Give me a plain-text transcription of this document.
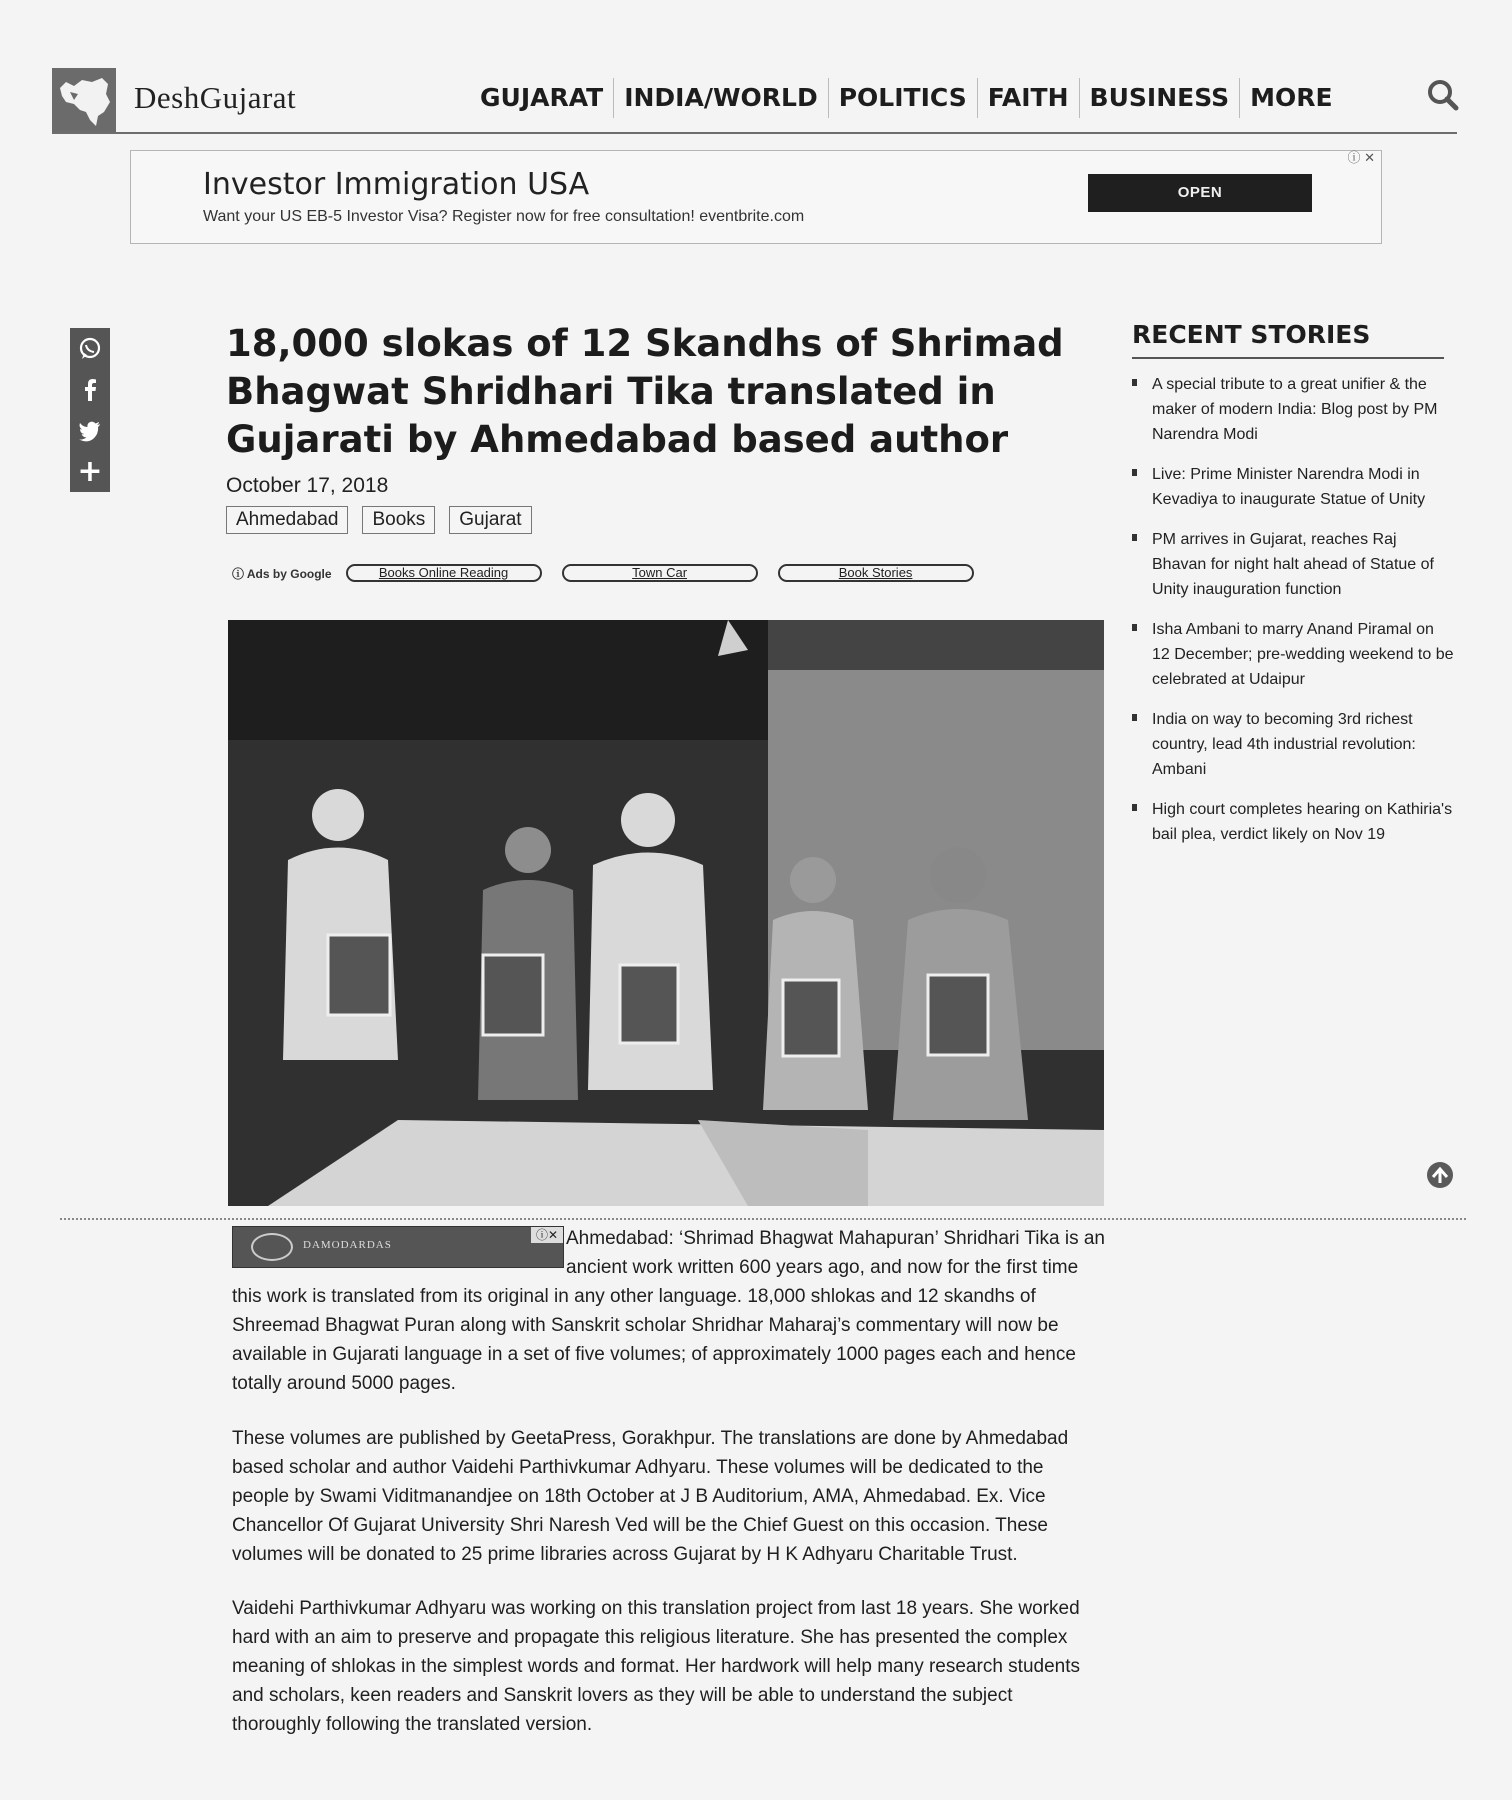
DeshGujarat	GUJARAT INDIA/WORLD POLITICS FAITH BUSINESS MORE
Investor Immigration USA
Want your US EB-5 Investor Visa? Register now for free consultation! eventbrite.com
OPEN
ⓘ ✕
+
18,000 slokas of 12 Skandhs of Shrimad Bhagwat Shridhari Tika translated in Gujarati by Ahmedabad based author
October 17, 2018
Ahmedabad	Books	Gujarat
ⓘ Ads by Google	Books Online Reading	Town Car	Book Stories
RECENT STORIES
A special tribute to a great unifier & the maker of modern India: Blog post by PM Narendra Modi
Live: Prime Minister Narendra Modi in Kevadiya to inaugurate Statue of Unity
PM arrives in Gujarat, reaches Raj Bhavan for night halt ahead of Statue of Unity inauguration function
Isha Ambani to marry Anand Piramal on 12 December; pre-wedding weekend to be celebrated at Udaipur
India on way to becoming 3rd richest country, lead 4th industrial revolution: Ambani
High court completes hearing on Kathiria's bail plea, verdict likely on Nov 19
DAMODARDAS
ⓘ✕ Ahmedabad: ‘Shrimad Bhagwat Mahapuran’ Shridhari Tika is an ancient work written 600 years ago, and now for the first time

this work is translated from its original in any other language. 18,000 shlokas and 12 skandhs of Shreemad Bhagwat Puran along with Sanskrit scholar Shridhar Maharaj’s commentary will now be available in Gujarati language in a set of five volumes; of approximately 1000 pages each and hence totally around 5000 pages.

These volumes are published by GeetaPress, Gorakhpur. The translations are done by Ahmedabad based scholar and author Vaidehi Parthivkumar Adhyaru. These volumes will be dedicated to the people by Swami Viditmanandjee on 18th October at J B Auditorium, AMA, Ahmedabad. Ex. Vice Chancellor Of Gujarat University Shri Naresh Ved will be the Chief Guest on this occasion. These volumes will be donated to 25 prime libraries across Gujarat by H K Adhyaru Charitable Trust.

Vaidehi Parthivkumar Adhyaru was working on this translation project from last 18 years. She worked hard with an aim to preserve and propagate this religious literature. She has presented the complex meaning of shlokas in the simplest words and format. Her hardwork will help many research students and scholars, keen readers and Sanskrit lovers as they will be able to understand the subject thoroughly following the translated version.
